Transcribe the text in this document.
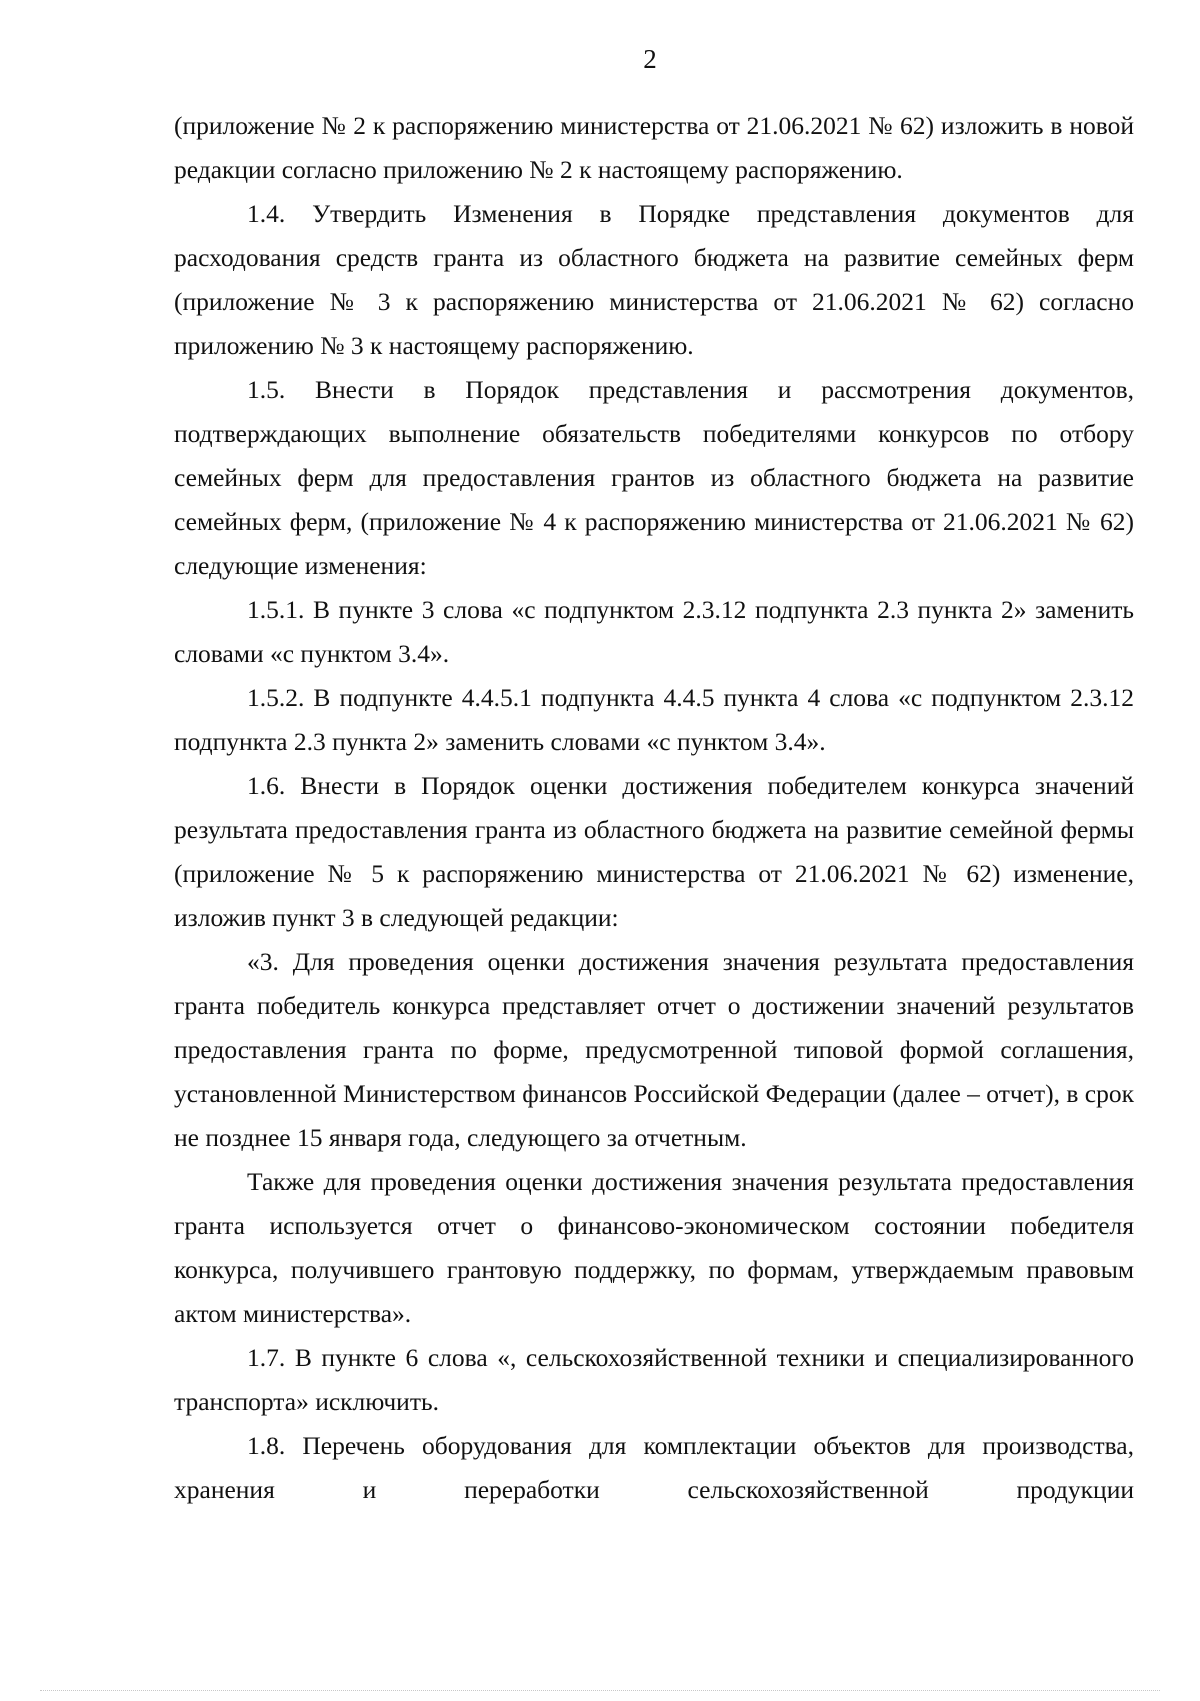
2

(приложение № 2 к распоряжению министерства от 21.06.2021 № 62) изложить в новой редакции согласно приложению № 2 к настоящему распоряжению.

1.4. Утвердить Изменения в Порядке представления документов для расходования средств гранта из областного бюджета на развитие семейных ферм (приложение № 3 к распоряжению министерства от 21.06.2021 № 62) согласно приложению № 3 к настоящему распоряжению.

1.5. Внести в Порядок представления и рассмотрения документов, подтверждающих выполнение обязательств победителями конкурсов по отбору семейных ферм для предоставления грантов из областного бюджета на развитие семейных ферм, (приложение № 4 к распоряжению министерства от 21.06.2021 № 62) следующие изменения:

1.5.1. В пункте 3 слова «с подпунктом 2.3.12 подпункта 2.3 пункта 2» заменить словами «с пунктом 3.4».

1.5.2. В подпункте 4.4.5.1 подпункта 4.4.5 пункта 4 слова «с подпунктом 2.3.12 подпункта 2.3 пункта 2» заменить словами «с пунктом 3.4».

1.6. Внести в Порядок оценки достижения победителем конкурса значений результата предоставления гранта из областного бюджета на развитие семейной фермы (приложение № 5 к распоряжению министерства от 21.06.2021 № 62) изменение, изложив пункт 3 в следующей редакции:

«3. Для проведения оценки достижения значения результата предоставления гранта победитель конкурса представляет отчет о достижении значений результатов предоставления гранта по форме, предусмотренной типовой формой соглашения, установленной Министерством финансов Российской Федерации (далее – отчет), в срок не позднее 15 января года, следующего за отчетным.

Также для проведения оценки достижения значения результата предоставления гранта используется отчет о финансово-экономическом состоянии победителя конкурса, получившего грантовую поддержку, по формам, утверждаемым правовым актом министерства».

1.7. В пункте 6 слова «, сельскохозяйственной техники и специализированного транспорта» исключить.

1.8. Перечень оборудования для комплектации объектов для производства, хранения и переработки сельскохозяйственной продукции
